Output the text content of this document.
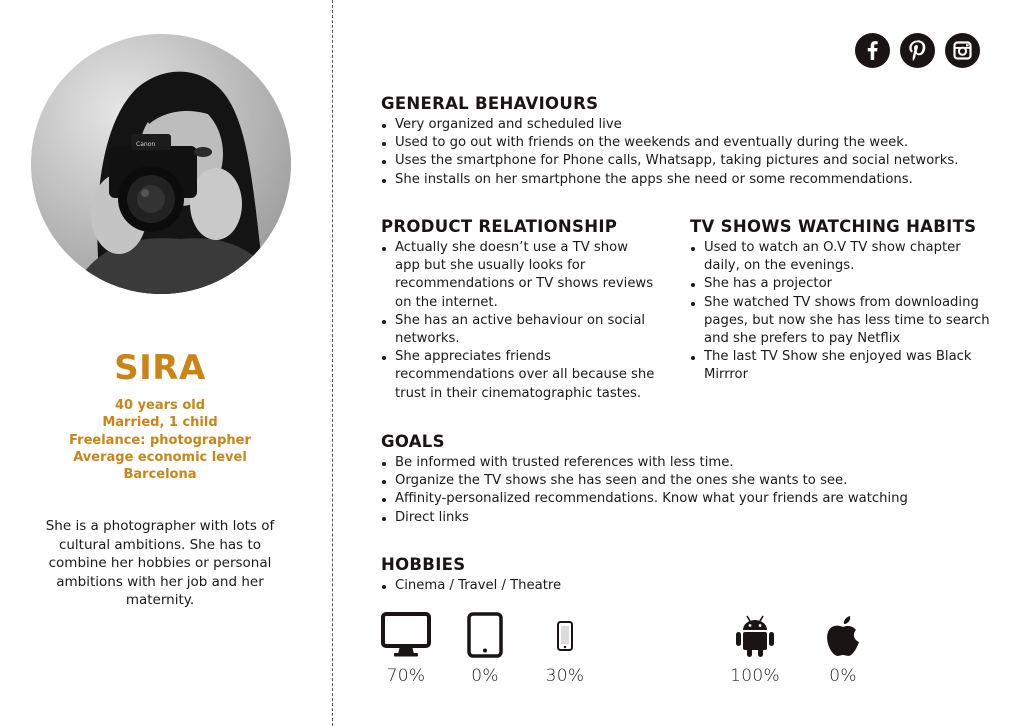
Canon
SIRA
40 years old
Married, 1 child
Freelance: photographer
Average economic level
Barcelona
She is a photographer with lots of cultural ambitions. She has to combine her hobbies or personal ambitions with her job and her maternity.
GENERAL BEHAVIOURS
Very organized and scheduled live
Used to go out with friends on the weekends and eventually during the week.
Uses the smartphone for Phone calls, Whatsapp, taking pictures and social networks.
She installs on her smartphone the apps she need or some recommendations.
PRODUCT RELATIONSHIP
Actually she doesn’t use a TV show app but she usually looks for recommendations or TV shows reviews on the internet.
She has an active behaviour on social networks.
She appreciates friends recommendations over all because she trust in their cinematographic tastes.
TV SHOWS WATCHING HABITS
Used to watch an O.V TV show chapter daily, on the evenings.
She has a projector
She watched TV shows from downloading pages, but now she has less time to search and she prefers to pay Netflix
The last TV Show she enjoyed was Black Mirrror
GOALS
Be informed with trusted references with less time.
Organize the TV shows she has seen and the ones she wants to see.
Affinity-personalized recommendations. Know what your friends are watching
Direct links
HOBBIES
Cinema / Travel / Theatre
70%	0%	30%	100%	0%
